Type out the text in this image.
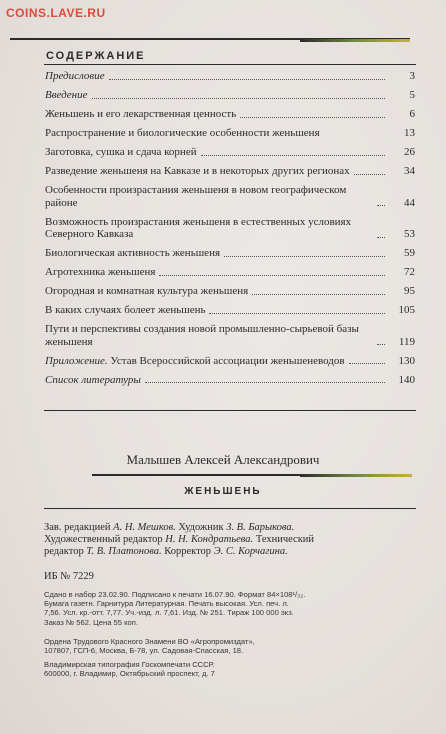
COINS.LAVE.RU
СОДЕРЖАНИЕ
Предисловие	3
Введение	5
Женьшень и его лекарственная ценность	6
Распространение и биологические особенности женьшеня	13
Заготовка, сушка и сдача корней	26
Разведение женьшеня на Кавказе и в некоторых других регионах	34
Особенности произрастания женьшеня в новом географическом районе	44
Возможность произрастания женьшеня в естественных условиях Северного Кавказа	53
Биологическая активность женьшеня	59
Агротехника женьшеня	72
Огородная и комнатная культура женьшеня	95
В каких случаях болеет женьшень	105
Пути и перспективы создания новой промышленно-сырьевой базы женьшеня	119
Приложение. Устав Всероссийской ассоциации женьшеневодов	130
Список литературы	140
Малышев Алексей Александрович
ЖЕНЬШЕНЬ
Зав. редакцией А. Н. Мешков. Художник З. В. Барыкова.
Художественный редактор Н. Н. Кондратьева. Технический
редактор Т. В. Платонова. Корректор Э. С. Корчагина.
ИБ № 7229
Сдано в набор 23.02.90. Подписано к печати 16.07.90. Формат 84×108¹/₃₂.
Бумага газетн. Гарнитура Литературная. Печать высокая. Усл. печ. л.
7,56. Усл. кр.-отт. 7,77. Уч.-изд. л. 7,61. Изд. № 251. Тираж 100 000 экз.
Заказ № 562. Цена 55 коп.
Ордена Трудового Красного Знамени ВО «Агропромиздат»,
107807, ГСП-6, Москва, Б-78, ул. Садовая-Спасская, 18.
Владимирская типография Госкомпечати СССР.
600000, г. Владимир, Октябрьский проспект, д. 7
